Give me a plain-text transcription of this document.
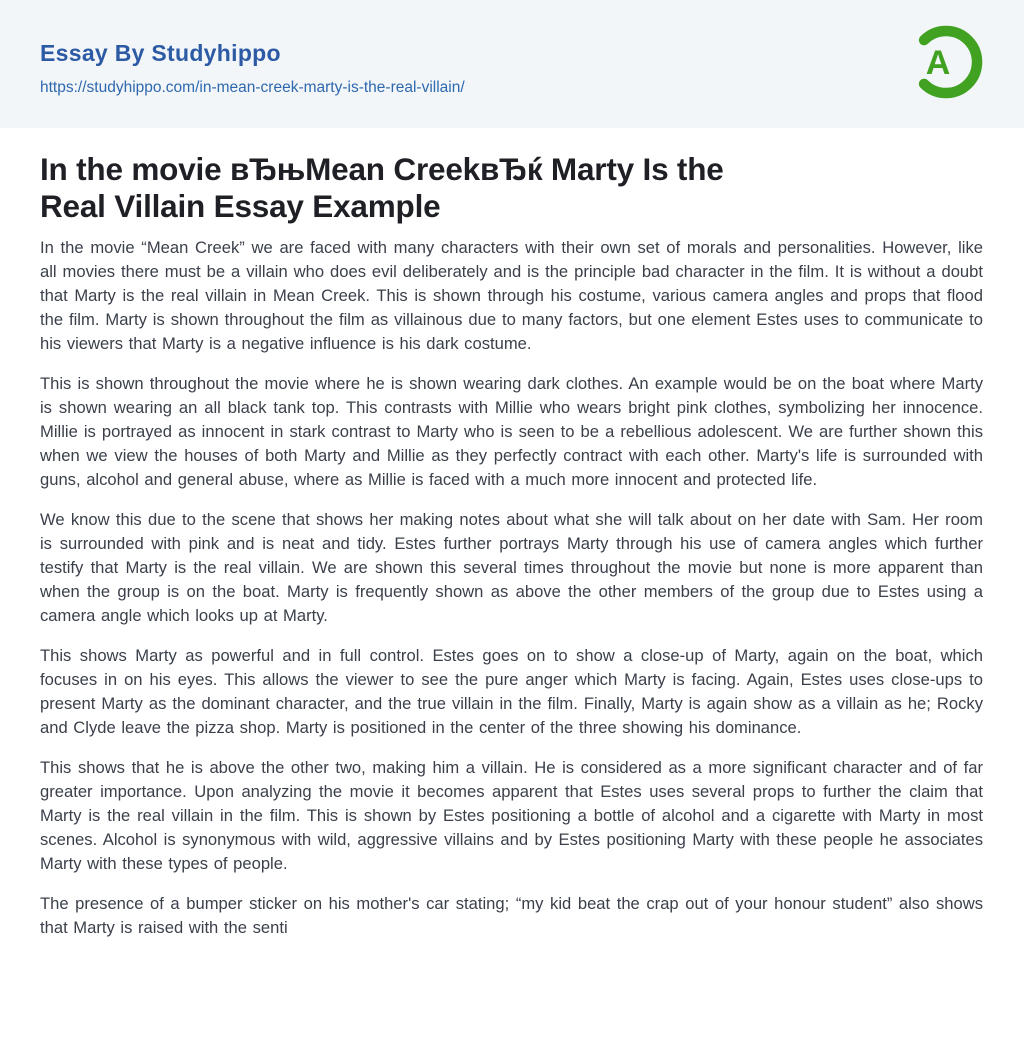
Essay By Studyhippo
https://studyhippo.com/in-mean-creek-marty-is-the-real-villain/
A
In the movie вЂњMean CreekвЂќ Marty Is the
Real Villain Essay Example

In the movie “Mean Creek” we are faced with many characters with their own set of morals and personalities. However, like all movies there must be a villain who does evil deliberately and is the principle bad character in the film. It is without a doubt that Marty is the real villain in Mean Creek. This is shown through his costume, various camera angles and props that flood the film. Marty is shown throughout the film as villainous due to many factors, but one element Estes uses to communicate to his viewers that Marty is a negative influence is his dark costume.

This is shown throughout the movie where he is shown wearing dark clothes. An example would be on the boat where Marty is shown wearing an all black tank top. This contrasts with Millie who wears bright pink clothes, symbolizing her innocence. Millie is portrayed as innocent in stark contrast to Marty who is seen to be a rebellious adolescent. We are further shown this when we view the houses of both Marty and Millie as they perfectly contract with each other. Marty's life is surrounded with guns, alcohol and general abuse, where as Millie is faced with a much more innocent and protected life.

We know this due to the scene that shows her making notes about what she will talk about on her date with Sam. Her room is surrounded with pink and is neat and tidy. Estes further portrays Marty through his use of camera angles which further testify that Marty is the real villain. We are shown this several times throughout the movie but none is more apparent than when the group is on the boat. Marty is frequently shown as above the other members of the group due to Estes using a camera angle which looks up at Marty.

This shows Marty as powerful and in full control. Estes goes on to show a close-up of Marty, again on the boat, which focuses in on his eyes. This allows the viewer to see the pure anger which Marty is facing. Again, Estes uses close-ups to present Marty as the dominant character, and the true villain in the film. Finally, Marty is again show as a villain as he; Rocky and Clyde leave the pizza shop. Marty is positioned in the center of the three showing his dominance.

This shows that he is above the other two, making him a villain. He is considered as a more significant character and of far greater importance. Upon analyzing the movie it becomes apparent that Estes uses several props to further the claim that Marty is the real villain in the film. This is shown by Estes positioning a bottle of alcohol and a cigarette with Marty in most scenes. Alcohol is synonymous with wild, aggressive villains and by Estes positioning Marty with these people he associates Marty with these types of people.

The presence of a bumper sticker on his mother's car stating; “my kid beat the crap out of your honour student” also shows that Marty is raised with the senti
